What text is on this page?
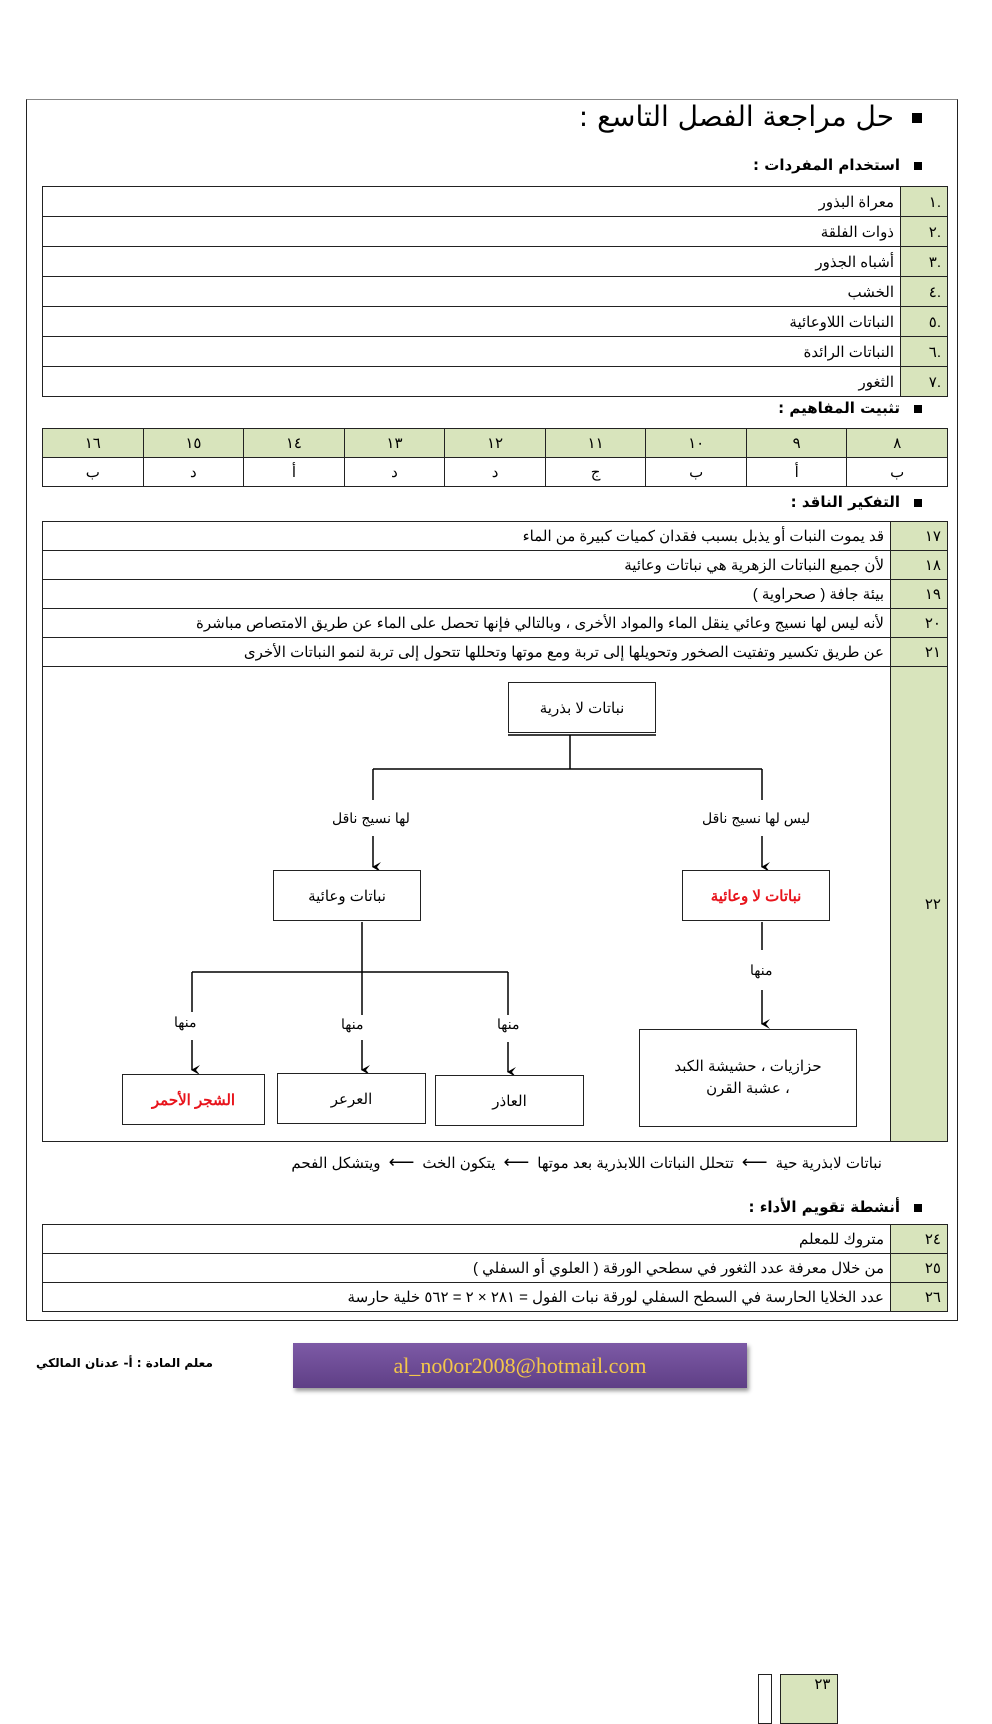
حل مراجعة الفصل التاسع :
استخدام المفردات :
.١	معراة البذور
.٢	ذوات الفلقة
.٣	أشباه الجذور
.٤	الخشب
.٥	النباتات اللاوعائية
.٦	النباتات الرائدة
.٧	الثغور
تثبيت المفاهيم :
٨	٩	١٠	١١	١٢	١٣	١٤	١٥	١٦
ب	أ	ب	ج	د	د	أ	د	ب
التفكير الناقد :
١٧	قد يموت النبات أو يذبل بسبب فقدان كميات كبيرة من الماء
١٨	لأن جميع النباتات الزهرية هي نباتات وعائية
١٩	بيئة جافة ( صحراوية )
٢٠	لأنه ليس لها نسيج وعائي ينقل الماء والمواد الأخرى ، وبالتالي فإنها تحصل على الماء عن طريق الامتصاص مباشرة
٢١	عن طريق تكسير وتفتيت الصخور وتحويلها إلى تربة ومع موتها وتحللها تتحول إلى تربة لنمو النباتات الأخرى
٢٢	

٢٣
نباتات لا بذرية
لها نسيج ناقل	ليس لها نسيج ناقل
نباتات وعائية	نباتات لا وعائية
منها
منها	منها	منها
حزازيات ، حشيشة الكبد ، عشبة القرن
العاذر
العرعر
الشجر الأحمر
نباتات لابذرية حية
⟵
تتحلل النباتات اللابذرية بعد موتها
⟵
يتكون الخث
⟵
ويتشكل الفحم
أنشطة تقويم الأداء :
٢٤	متروك للمعلم
٢٥	من خلال معرفة عدد الثغور في سطحي الورقة ( العلوي أو السفلي )
٢٦	عدد الخلايا الحارسة في السطح السفلي لورقة نبات الفول = ٢٨١ × ٢ = ٥٦٢ خلية حارسة
معلم المادة : أ- عدنان المالكي	al_no0or2008@hotmail.com
